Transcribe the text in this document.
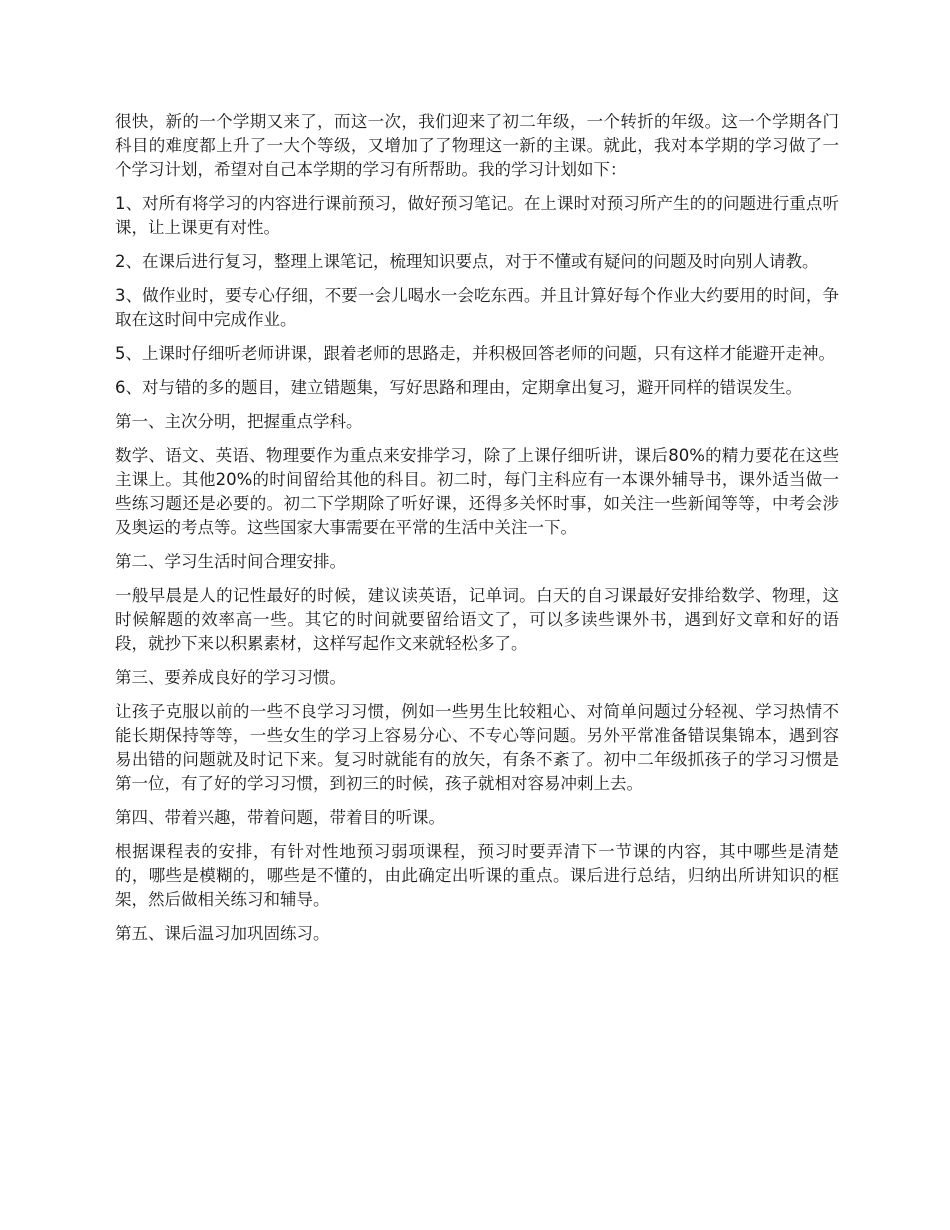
很快，新的一个学期又来了，而这一次，我们迎来了初二年级，一个转折的年级。这一个学期各门科目的难度都上升了一大个等级，又增加了了物理这一新的主课。就此，我对本学期的学习做了一个学习计划，希望对自己本学期的学习有所帮助。我的学习计划如下：

1、对所有将学习的内容进行课前预习，做好预习笔记。在上课时对预习所产生的的问题进行重点听课，让上课更有对性。

2、在课后进行复习，整理上课笔记，梳理知识要点，对于不懂或有疑问的问题及时向别人请教。

3、做作业时，要专心仔细，不要一会儿喝水一会吃东西。并且计算好每个作业大约要用的时间，争取在这时间中完成作业。

5、上课时仔细听老师讲课，跟着老师的思路走，并积极回答老师的问题，只有这样才能避开走神。

6、对与错的多的题目，建立错题集，写好思路和理由，定期拿出复习，避开同样的错误发生。

第一、主次分明，把握重点学科。

数学、语文、英语、物理要作为重点来安排学习，除了上课仔细听讲，课后80%的精力要花在这些主课上。其他20%的时间留给其他的科目。初二时，每门主科应有一本课外辅导书，课外适当做一些练习题还是必要的。初二下学期除了听好课，还得多关怀时事，如关注一些新闻等等，中考会涉及奥运的考点等。这些国家大事需要在平常的生活中关注一下。

第二、学习生活时间合理安排。

一般早晨是人的记性最好的时候，建议读英语，记单词。白天的自习课最好安排给数学、物理，这时候解题的效率高一些。其它的时间就要留给语文了，可以多读些课外书，遇到好文章和好的语段，就抄下来以积累素材，这样写起作文来就轻松多了。

第三、要养成良好的学习习惯。

让孩子克服以前的一些不良学习习惯，例如一些男生比较粗心、对简单问题过分轻视、学习热情不能长期保持等等，一些女生的学习上容易分心、不专心等问题。另外平常准备错误集锦本，遇到容易出错的问题就及时记下来。复习时就能有的放矢，有条不紊了。初中二年级抓孩子的学习习惯是第一位，有了好的学习习惯，到初三的时候，孩子就相对容易冲刺上去。

第四、带着兴趣，带着问题，带着目的听课。

根据课程表的安排，有针对性地预习弱项课程，预习时要弄清下一节课的内容，其中哪些是清楚的，哪些是模糊的，哪些是不懂的，由此确定出听课的重点。课后进行总结，归纳出所讲知识的框架，然后做相关练习和辅导。

第五、课后温习加巩固练习。
